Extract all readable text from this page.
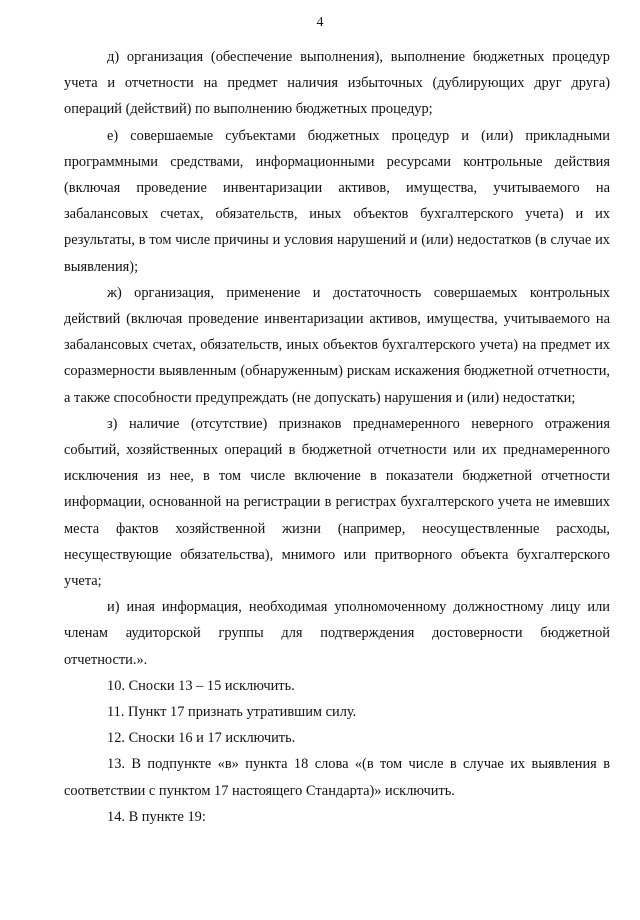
4

д) организация (обеспечение выполнения), выполнение бюджетных процедур учета и отчетности на предмет наличия избыточных (дублирующих друг друга) операций (действий) по выполнению бюджетных процедур;

е) совершаемые субъектами бюджетных процедур и (или) прикладными программными средствами, информационными ресурсами контрольные действия (включая проведение инвентаризации активов, имущества, учитываемого на забалансовых счетах, обязательств, иных объектов бухгалтерского учета) и их результаты, в том числе причины и условия нарушений и (или) недостатков (в случае их выявления);

ж) организация, применение и достаточность совершаемых контрольных действий (включая проведение инвентаризации активов, имущества, учитываемого на забалансовых счетах, обязательств, иных объектов бухгалтерского учета) на предмет их соразмерности выявленным (обнаруженным) рискам искажения бюджетной отчетности, а также способности предупреждать (не допускать) нарушения и (или) недостатки;

з) наличие (отсутствие) признаков преднамеренного неверного отражения событий, хозяйственных операций в бюджетной отчетности или их преднамеренного исключения из нее, в том числе включение в показатели бюджетной отчетности информации, основанной на регистрации в регистрах бухгалтерского учета не имевших места фактов хозяйственной жизни (например, неосуществленные расходы, несуществующие обязательства), мнимого или притворного объекта бухгалтерского учета;

и) иная информация, необходимая уполномоченному должностному лицу или членам аудиторской группы для подтверждения достоверности бюджетной отчетности.».

10. Сноски 13 – 15 исключить.

11. Пункт 17 признать утратившим силу.

12. Сноски 16 и 17 исключить.

13. В подпункте «в» пункта 18 слова «(в том числе в случае их выявления в соответствии с пунктом 17 настоящего Стандарта)» исключить.

14. В пункте 19:
